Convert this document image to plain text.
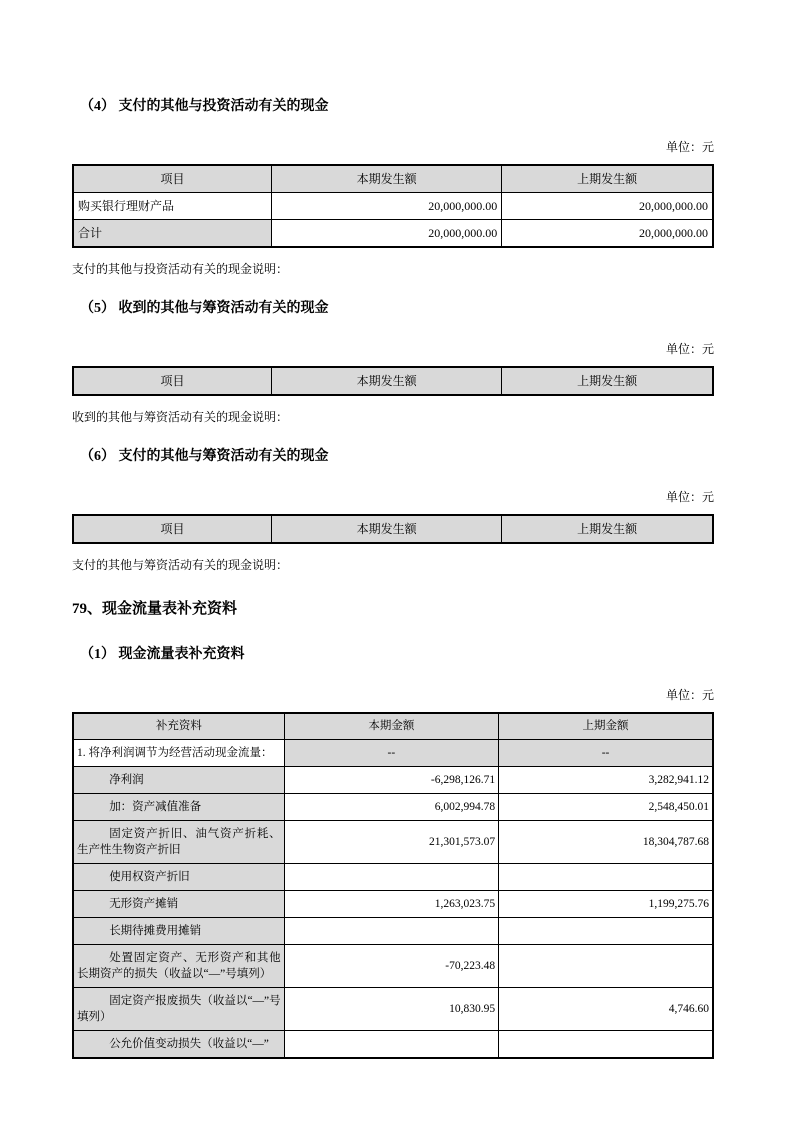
（4） 支付的其他与投资活动有关的现金

单位：元
项目	本期发生额	上期发生额
购买银行理财产品	20,000,000.00	20,000,000.00
合计	20,000,000.00	20,000,000.00
支付的其他与投资活动有关的现金说明：

（5） 收到的其他与筹资活动有关的现金

单位：元
项目	本期发生额	上期发生额
收到的其他与筹资活动有关的现金说明：

（6） 支付的其他与筹资活动有关的现金

单位：元
项目	本期发生额	上期发生额
支付的其他与筹资活动有关的现金说明：

79、现金流量表补充资料

（1） 现金流量表补充资料

单位：元
补充资料	本期金额	上期金额
1. 将净利润调节为经营活动现金流量：	--	--
净利润	-6,298,126.71	3,282,941.12
加：资产减值准备	6,002,994.78	2,548,450.01
固定资产折旧、油气资产折耗、生产性生物资产折旧	21,301,573.07	18,304,787.68
使用权资产折旧		
无形资产摊销	1,263,023.75	1,199,275.76
长期待摊费用摊销		
处置固定资产、无形资产和其他长期资产的损失（收益以“—”号填列）	-70,223.48	
固定资产报废损失（收益以“—”号填列）	10,830.95	4,746.60
公允价值变动损失（收益以“—”		
